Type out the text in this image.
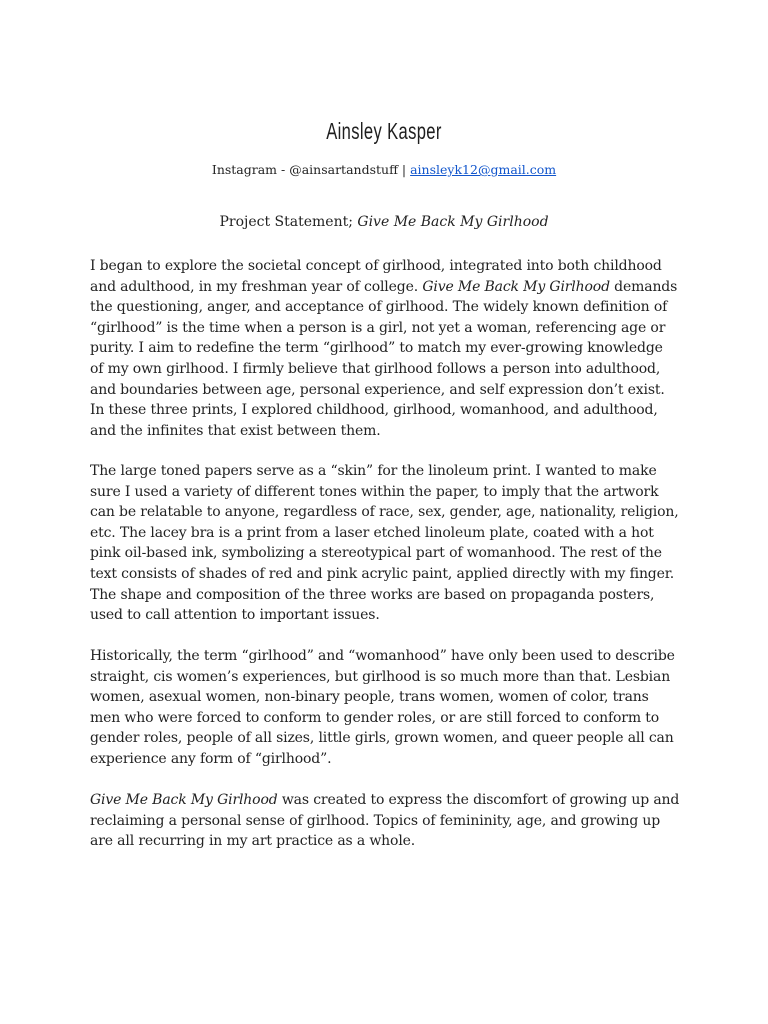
Ainsley Kasper
Instagram - @ainsartandstuff | ainsleyk12@gmail.com
Project Statement; Give Me Back My Girlhood

I began to explore the societal concept of girlhood, integrated into both childhood and adulthood, in my freshman year of college. Give Me Back My Girlhood demands the questioning, anger, and acceptance of girlhood. The widely known definition of “girlhood” is the time when a person is a girl, not yet a woman, referencing age or purity. I aim to redefine the term “girlhood” to match my ever-growing knowledge of my own girlhood. I firmly believe that girlhood follows a person into adulthood, and boundaries between age, personal experience, and self expression don’t exist. In these three prints, I explored childhood, girlhood, womanhood, and adulthood, and the infinites that exist between them.

The large toned papers serve as a “skin” for the linoleum print. I wanted to make sure I used a variety of different tones within the paper, to imply that the artwork can be relatable to anyone, regardless of race, sex, gender, age, nationality, religion, etc. The lacey bra is a print from a laser etched linoleum plate, coated with a hot pink oil-based ink, symbolizing a stereotypical part of womanhood. The rest of the text consists of shades of red and pink acrylic paint, applied directly with my finger. The shape and composition of the three works are based on propaganda posters, used to call attention to important issues.

Historically, the term “girlhood” and “womanhood” have only been used to describe straight, cis women’s experiences, but girlhood is so much more than that. Lesbian women, asexual women, non-binary people, trans women, women of color, trans men who were forced to conform to gender roles, or are still forced to conform to gender roles, people of all sizes, little girls, grown women, and queer people all can experience any form of “girlhood”.

Give Me Back My Girlhood was created to express the discomfort of growing up and reclaiming a personal sense of girlhood. Topics of femininity, age, and growing up are all recurring in my art practice as a whole.
